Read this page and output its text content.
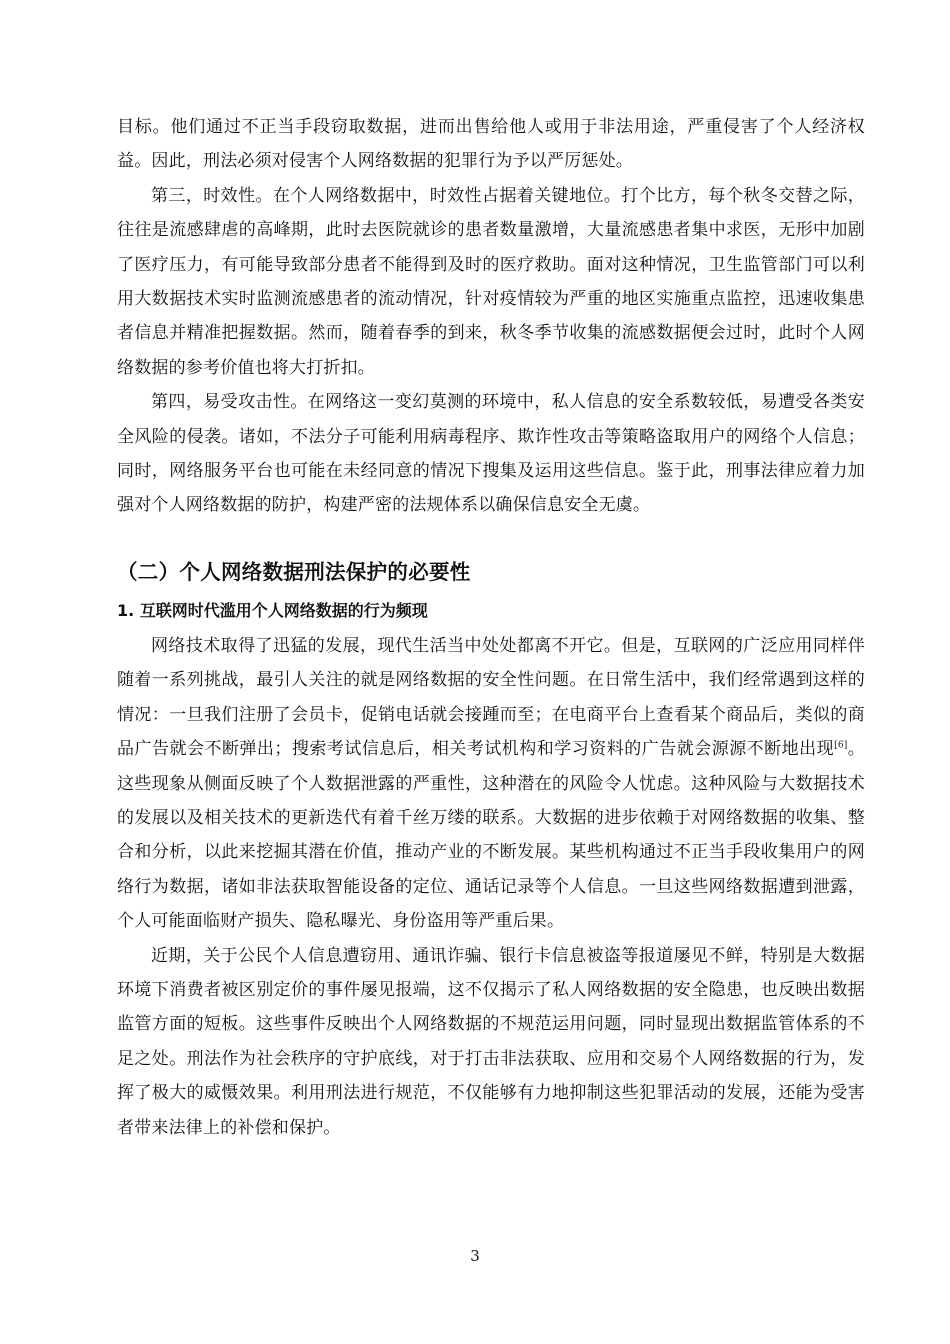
目标。他们通过不正当手段窃取数据，进而出售给他人或用于非法用途，严重侵害了个人经济权益。因此，刑法必须对侵害个人网络数据的犯罪行为予以严厉惩处。

第三，时效性。在个人网络数据中，时效性占据着关键地位。打个比方，每个秋冬交替之际，往往是流感肆虐的高峰期，此时去医院就诊的患者数量激增，大量流感患者集中求医，无形中加剧了医疗压力，有可能导致部分患者不能得到及时的医疗救助。面对这种情况，卫生监管部门可以利用大数据技术实时监测流感患者的流动情况，针对疫情较为严重的地区实施重点监控，迅速收集患者信息并精准把握数据。然而，随着春季的到来，秋冬季节收集的流感数据便会过时，此时个人网络数据的参考价值也将大打折扣。

第四，易受攻击性。在网络这一变幻莫测的环境中，私人信息的安全系数较低，易遭受各类安全风险的侵袭。诸如，不法分子可能利用病毒程序、欺诈性攻击等策略盗取用户的网络个人信息；同时，网络服务平台也可能在未经同意的情况下搜集及运用这些信息。鉴于此，刑事法律应着力加强对个人网络数据的防护，构建严密的法规体系以确保信息安全无虞。

（二）个人网络数据刑法保护的必要性
1. 互联网时代滥用个人网络数据的行为频现

网络技术取得了迅猛的发展，现代生活当中处处都离不开它。但是，互联网的广泛应用同样伴随着一系列挑战，最引人关注的就是网络数据的安全性问题。在日常生活中，我们经常遇到这样的情况：一旦我们注册了会员卡，促销电话就会接踵而至；在电商平台上查看某个商品后，类似的商品广告就会不断弹出；搜索考试信息后，相关考试机构和学习资料的广告就会源源不断地出现[6]。这些现象从侧面反映了个人数据泄露的严重性，这种潜在的风险令人忧虑。这种风险与大数据技术的发展以及相关技术的更新迭代有着千丝万缕的联系。大数据的进步依赖于对网络数据的收集、整合和分析，以此来挖掘其潜在价值，推动产业的不断发展。某些机构通过不正当手段收集用户的网络行为数据，诸如非法获取智能设备的定位、通话记录等个人信息。一旦这些网络数据遭到泄露，个人可能面临财产损失、隐私曝光、身份盗用等严重后果。

近期，关于公民个人信息遭窃用、通讯诈骗、银行卡信息被盗等报道屡见不鲜，特别是大数据环境下消费者被区别定价的事件屡见报端，这不仅揭示了私人网络数据的安全隐患，也反映出数据监管方面的短板。这些事件反映出个人网络数据的不规范运用问题，同时显现出数据监管体系的不足之处。刑法作为社会秩序的守护底线，对于打击非法获取、应用和交易个人网络数据的行为，发挥了极大的威慑效果。利用刑法进行规范，不仅能够有力地抑制这些犯罪活动的发展，还能为受害者带来法律上的补偿和保护。

3
